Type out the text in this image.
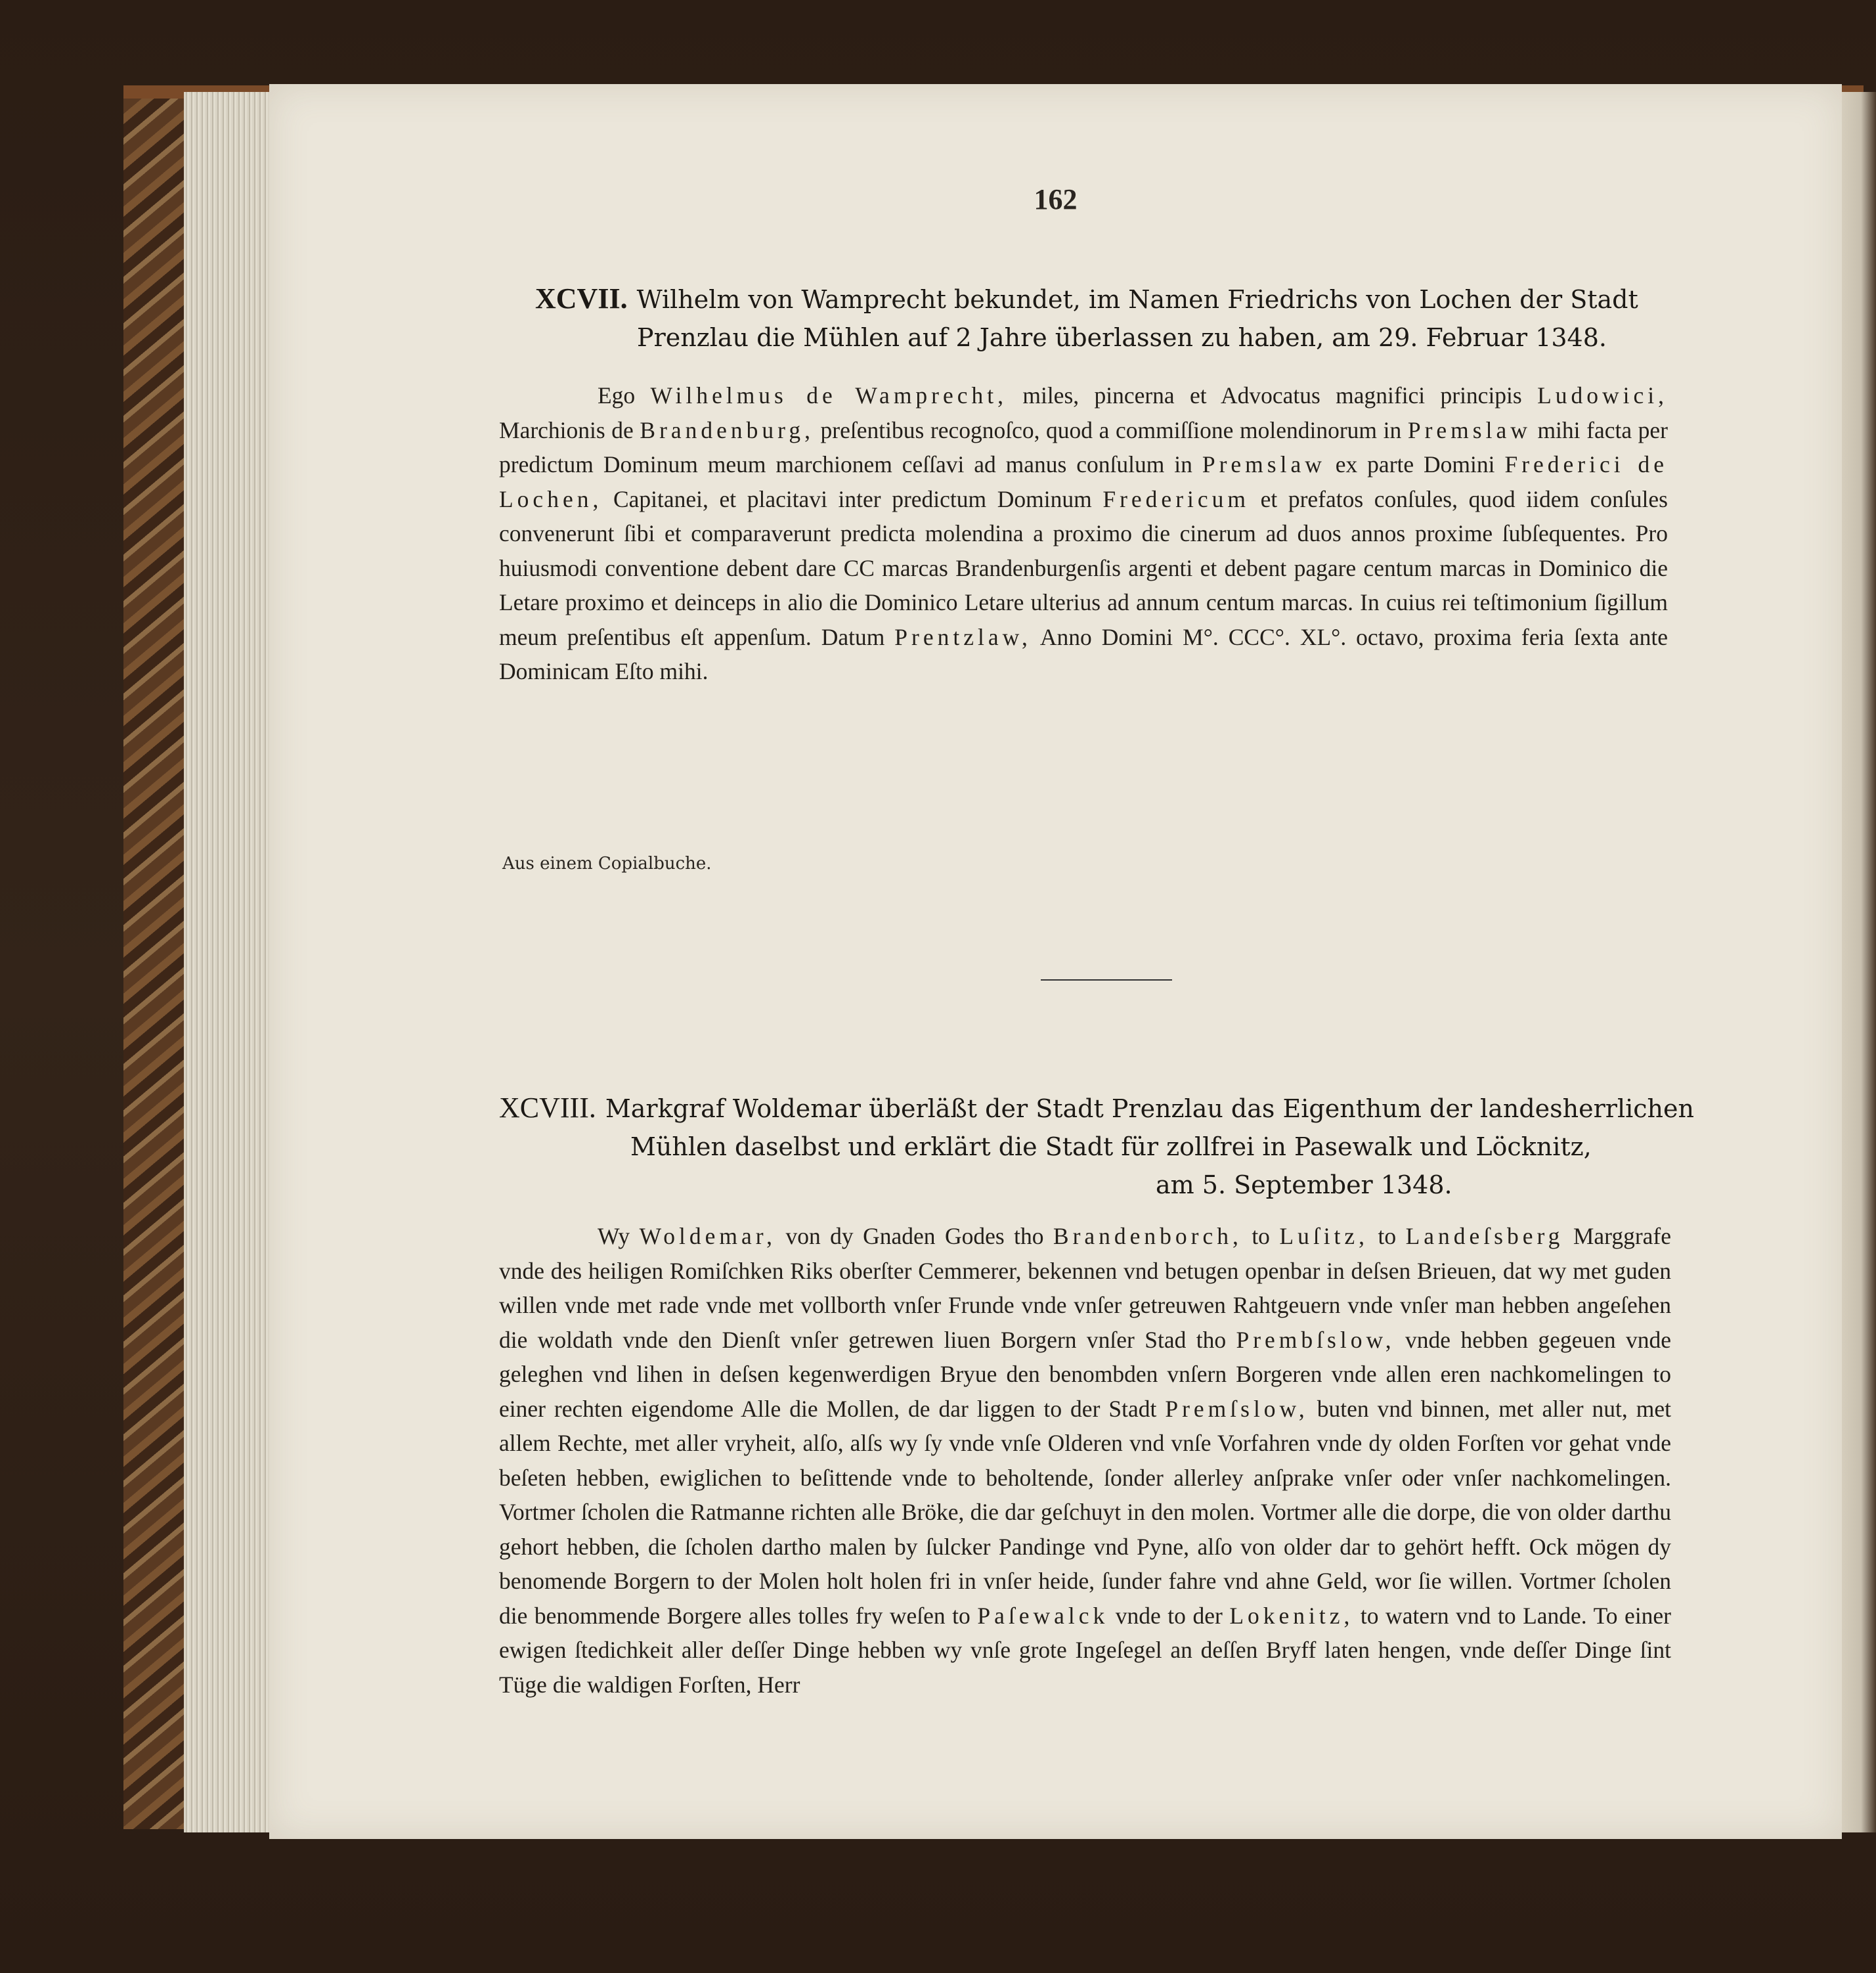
162
XCVII. Wilhelm von Wamprecht bekundet, im Namen Friedrichs von Lochen der Stadt
Prenzlau die Mühlen auf 2 Jahre überlassen zu haben, am 29. Februar 1348.

Ego Wilhelmus de Wamprecht, miles, pincerna et Advocatus magnifici principis Ludowici, Marchionis de Brandenburg, preſentibus recognoſco, quod a commiſſione molendinorum in Premslaw mihi facta per predictum Dominum meum marchionem ceſſavi ad manus conſulum in Premslaw ex parte Domini Frederici de Lochen, Capitanei, et placitavi inter predictum Dominum Fredericum et prefatos conſules, quod iidem conſules convenerunt ſibi et comparaverunt predicta molendina a proximo die cinerum ad duos annos proxime ſubſequentes. Pro huiusmodi conventione debent dare CC marcas Brandenburgenſis argenti et debent pagare centum marcas in Dominico die Letare proximo et deinceps in alio die Dominico Letare ulterius ad annum centum marcas. In cuius rei teſtimonium ſigillum meum preſentibus eſt appenſum. Datum Prentzlaw, Anno Domini M°. CCC°. XL°. octavo, proxima feria ſexta ante Dominicam Eſto mihi.

Aus einem Copialbuche.
XCVIII. Markgraf Woldemar überläßt der Stadt Prenzlau das Eigenthum der landesherrlichen
Mühlen daselbst und erklärt die Stadt für zollfrei in Pasewalk und Löcknitz,
am 5. September 1348.

Wy Woldemar, von dy Gnaden Godes tho Brandenborch, to Luſitz, to Landeſsberg Marggrafe vnde des heiligen Romiſchken Riks oberſter Cemmerer, bekennen vnd betugen openbar in deſsen Brieuen, dat wy met guden willen vnde met rade vnde met vollborth vnſer Frunde vnde vnſer getreuwen Rahtgeuern vnde vnſer man hebben angeſehen die woldath vnde den Dienſt vnſer getrewen liuen Borgern vnſer Stad tho Prembſslow, vnde hebben gegeuen vnde geleghen vnd lihen in deſsen kegenwerdigen Bryue den benombden vnſern Borgeren vnde allen eren nachkomelingen to einer rechten eigendome Alle die Mollen, de dar liggen to der Stadt Premſslow, buten vnd binnen, met aller nut, met allem Rechte, met aller vryheit, alſo, alſs wy ſy vnde vnſe Olderen vnd vnſe Vorfahren vnde dy olden Forſten vor gehat vnde beſeten hebben, ewiglichen to beſittende vnde to beholtende, ſonder allerley anſprake vnſer oder vnſer nachkomelingen. Vortmer ſcholen die Ratmanne richten alle Bröke, die dar geſchuyt in den molen. Vortmer alle die dorpe, die von older darthu gehort hebben, die ſcholen dartho malen by ſulcker Pandinge vnd Pyne, alſo von older dar to gehört hefft. Ock mögen dy benomende Borgern to der Molen holt holen fri in vnſer heide, ſunder fahre vnd ahne Geld, wor ſie willen. Vortmer ſcholen die benommende Borgere alles tolles fry weſen to Paſewalck vnde to der Lokenitz, to watern vnd to Lande. To einer ewigen ſtedichkeit aller deſſer Dinge hebben wy vnſe grote Ingeſegel an deſſen Bryff laten hengen, vnde deſſer Dinge ſint Tüge die waldigen Forſten, Herr
